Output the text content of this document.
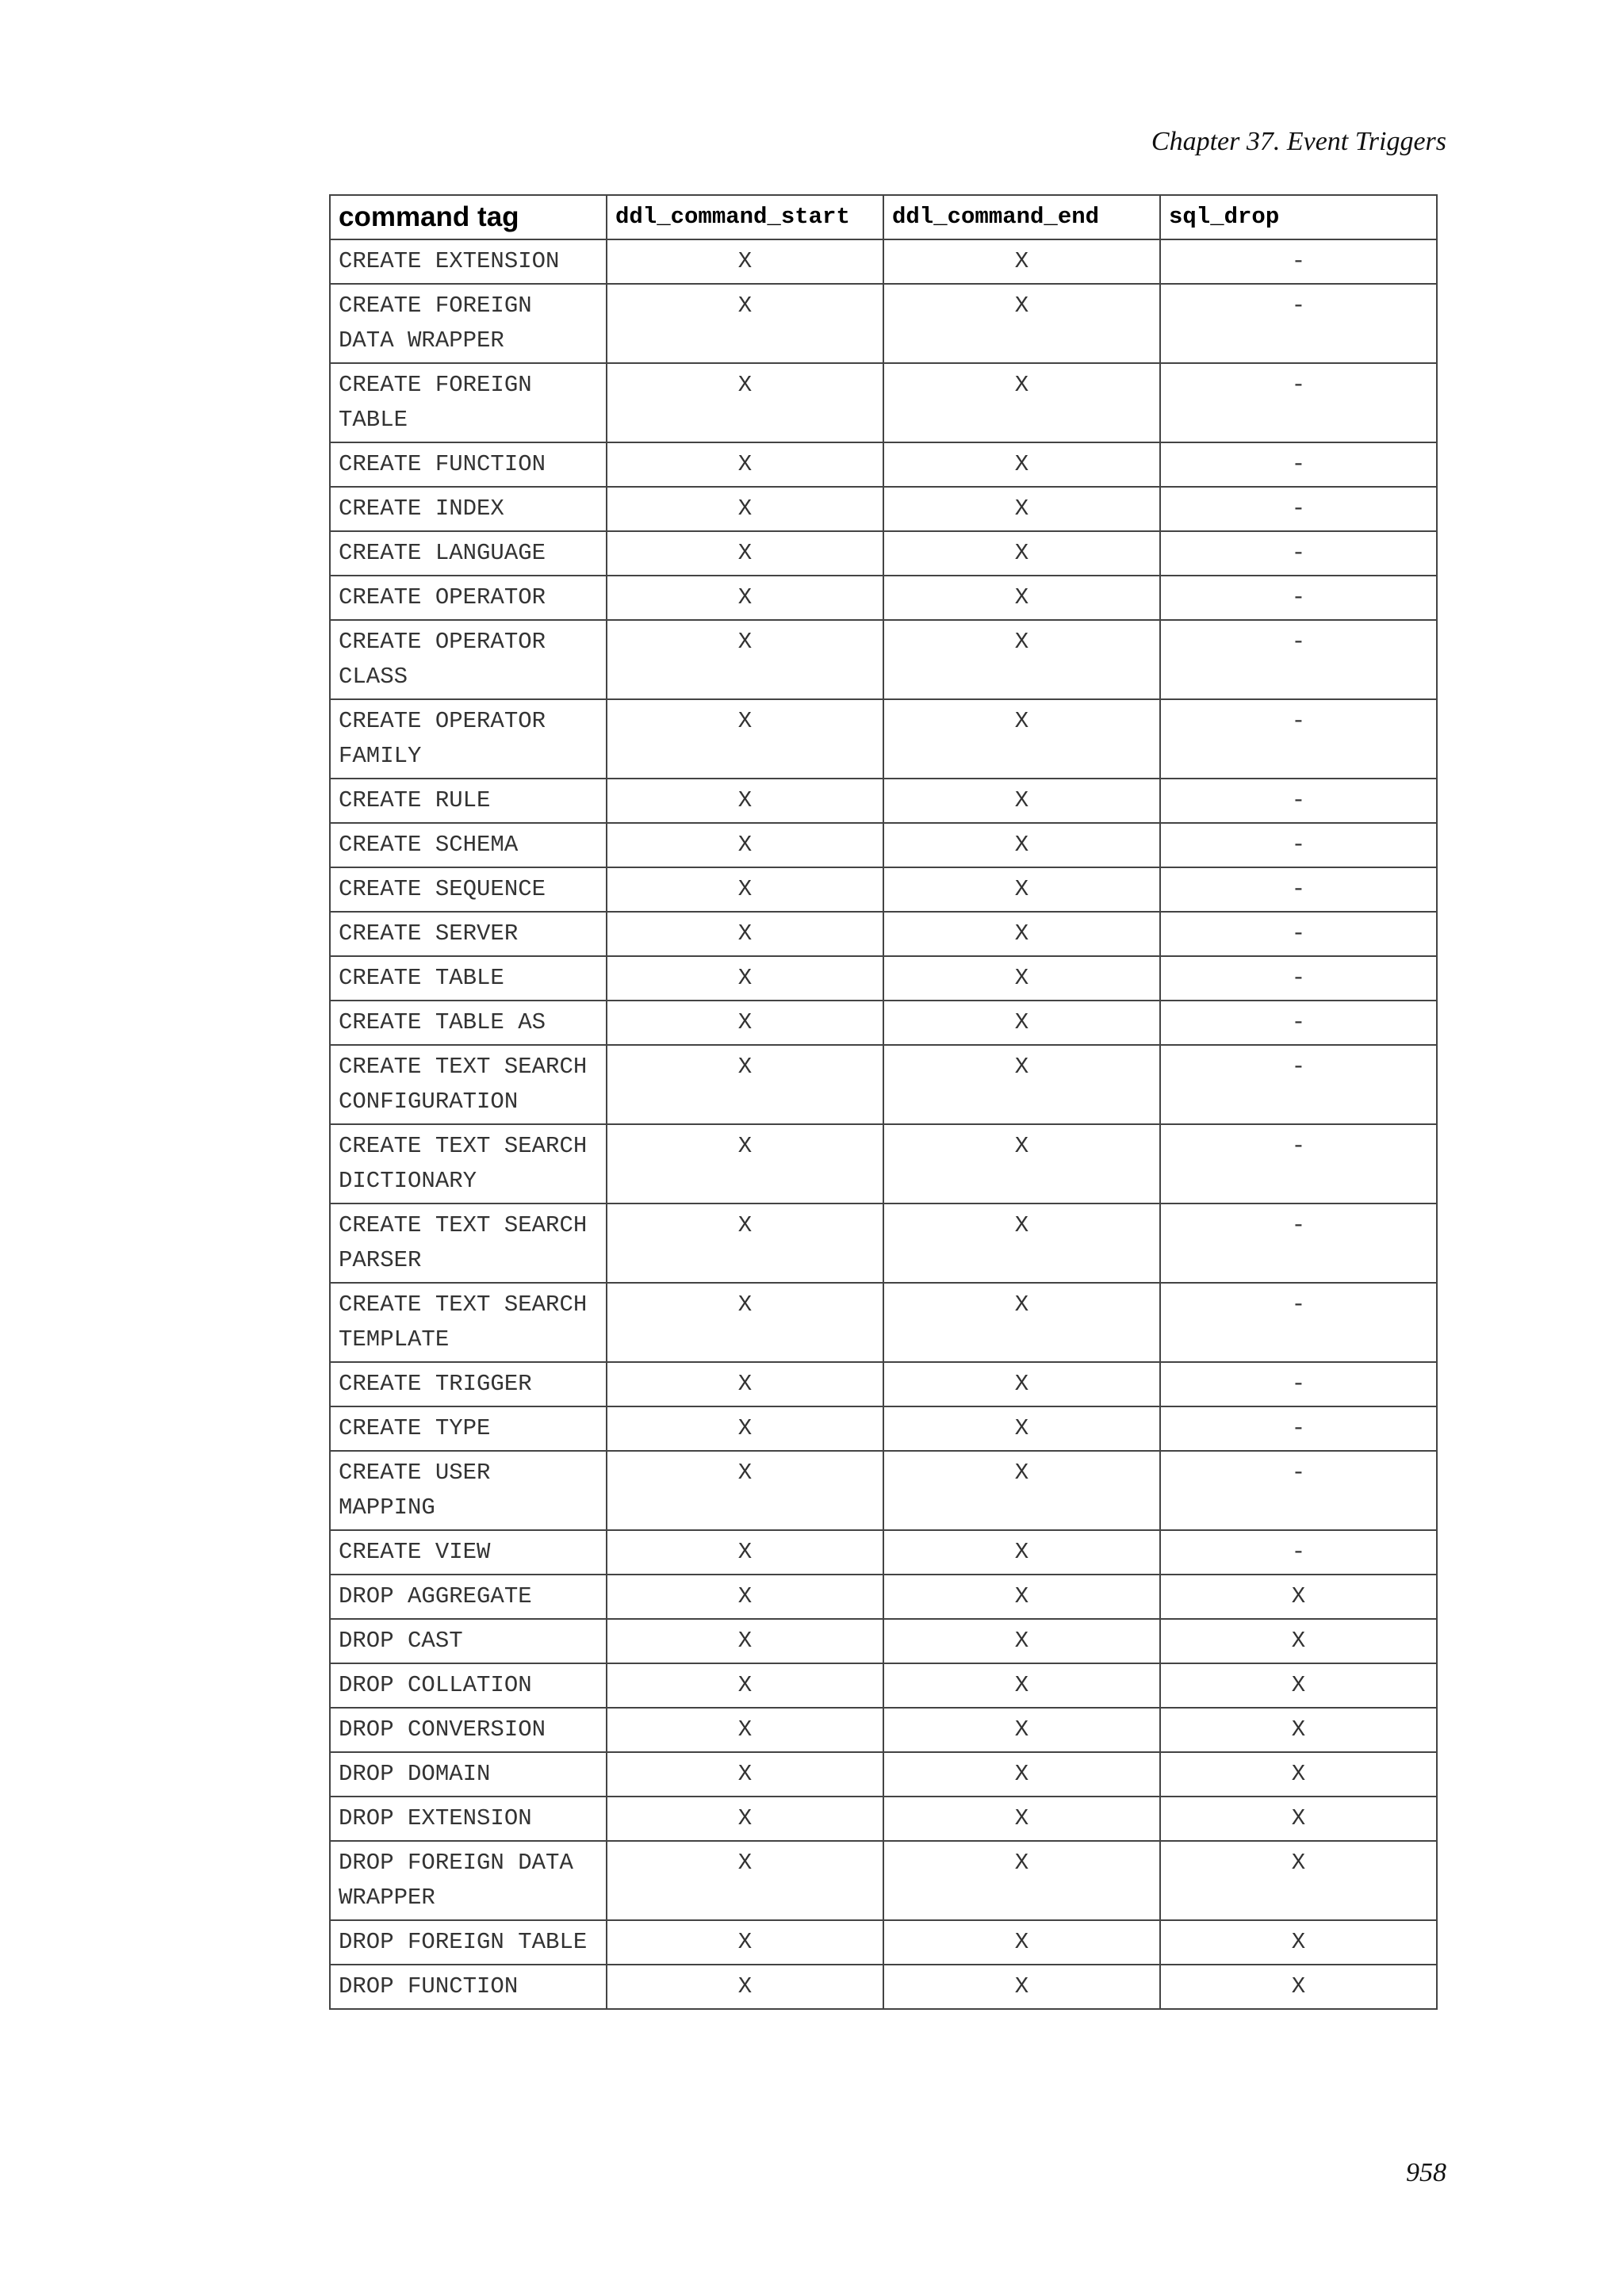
Chapter 37. Event Triggers
command tag	ddl_command_start	ddl_command_end	sql_drop
CREATE EXTENSION	X	X	-
CREATE FOREIGN DATA WRAPPER	X	X	-
CREATE FOREIGN TABLE	X	X	-
CREATE FUNCTION	X	X	-
CREATE INDEX	X	X	-
CREATE LANGUAGE	X	X	-
CREATE OPERATOR	X	X	-
CREATE OPERATOR CLASS	X	X	-
CREATE OPERATOR FAMILY	X	X	-
CREATE RULE	X	X	-
CREATE SCHEMA	X	X	-
CREATE SEQUENCE	X	X	-
CREATE SERVER	X	X	-
CREATE TABLE	X	X	-
CREATE TABLE AS	X	X	-
CREATE TEXT SEARCH CONFIGURATION	X	X	-
CREATE TEXT SEARCH DICTIONARY	X	X	-
CREATE TEXT SEARCH PARSER	X	X	-
CREATE TEXT SEARCH TEMPLATE	X	X	-
CREATE TRIGGER	X	X	-
CREATE TYPE	X	X	-
CREATE USER MAPPING	X	X	-
CREATE VIEW	X	X	-
DROP AGGREGATE	X	X	X
DROP CAST	X	X	X
DROP COLLATION	X	X	X
DROP CONVERSION	X	X	X
DROP DOMAIN	X	X	X
DROP EXTENSION	X	X	X
DROP FOREIGN DATA WRAPPER	X	X	X
DROP FOREIGN TABLE	X	X	X
DROP FUNCTION	X	X	X
958
